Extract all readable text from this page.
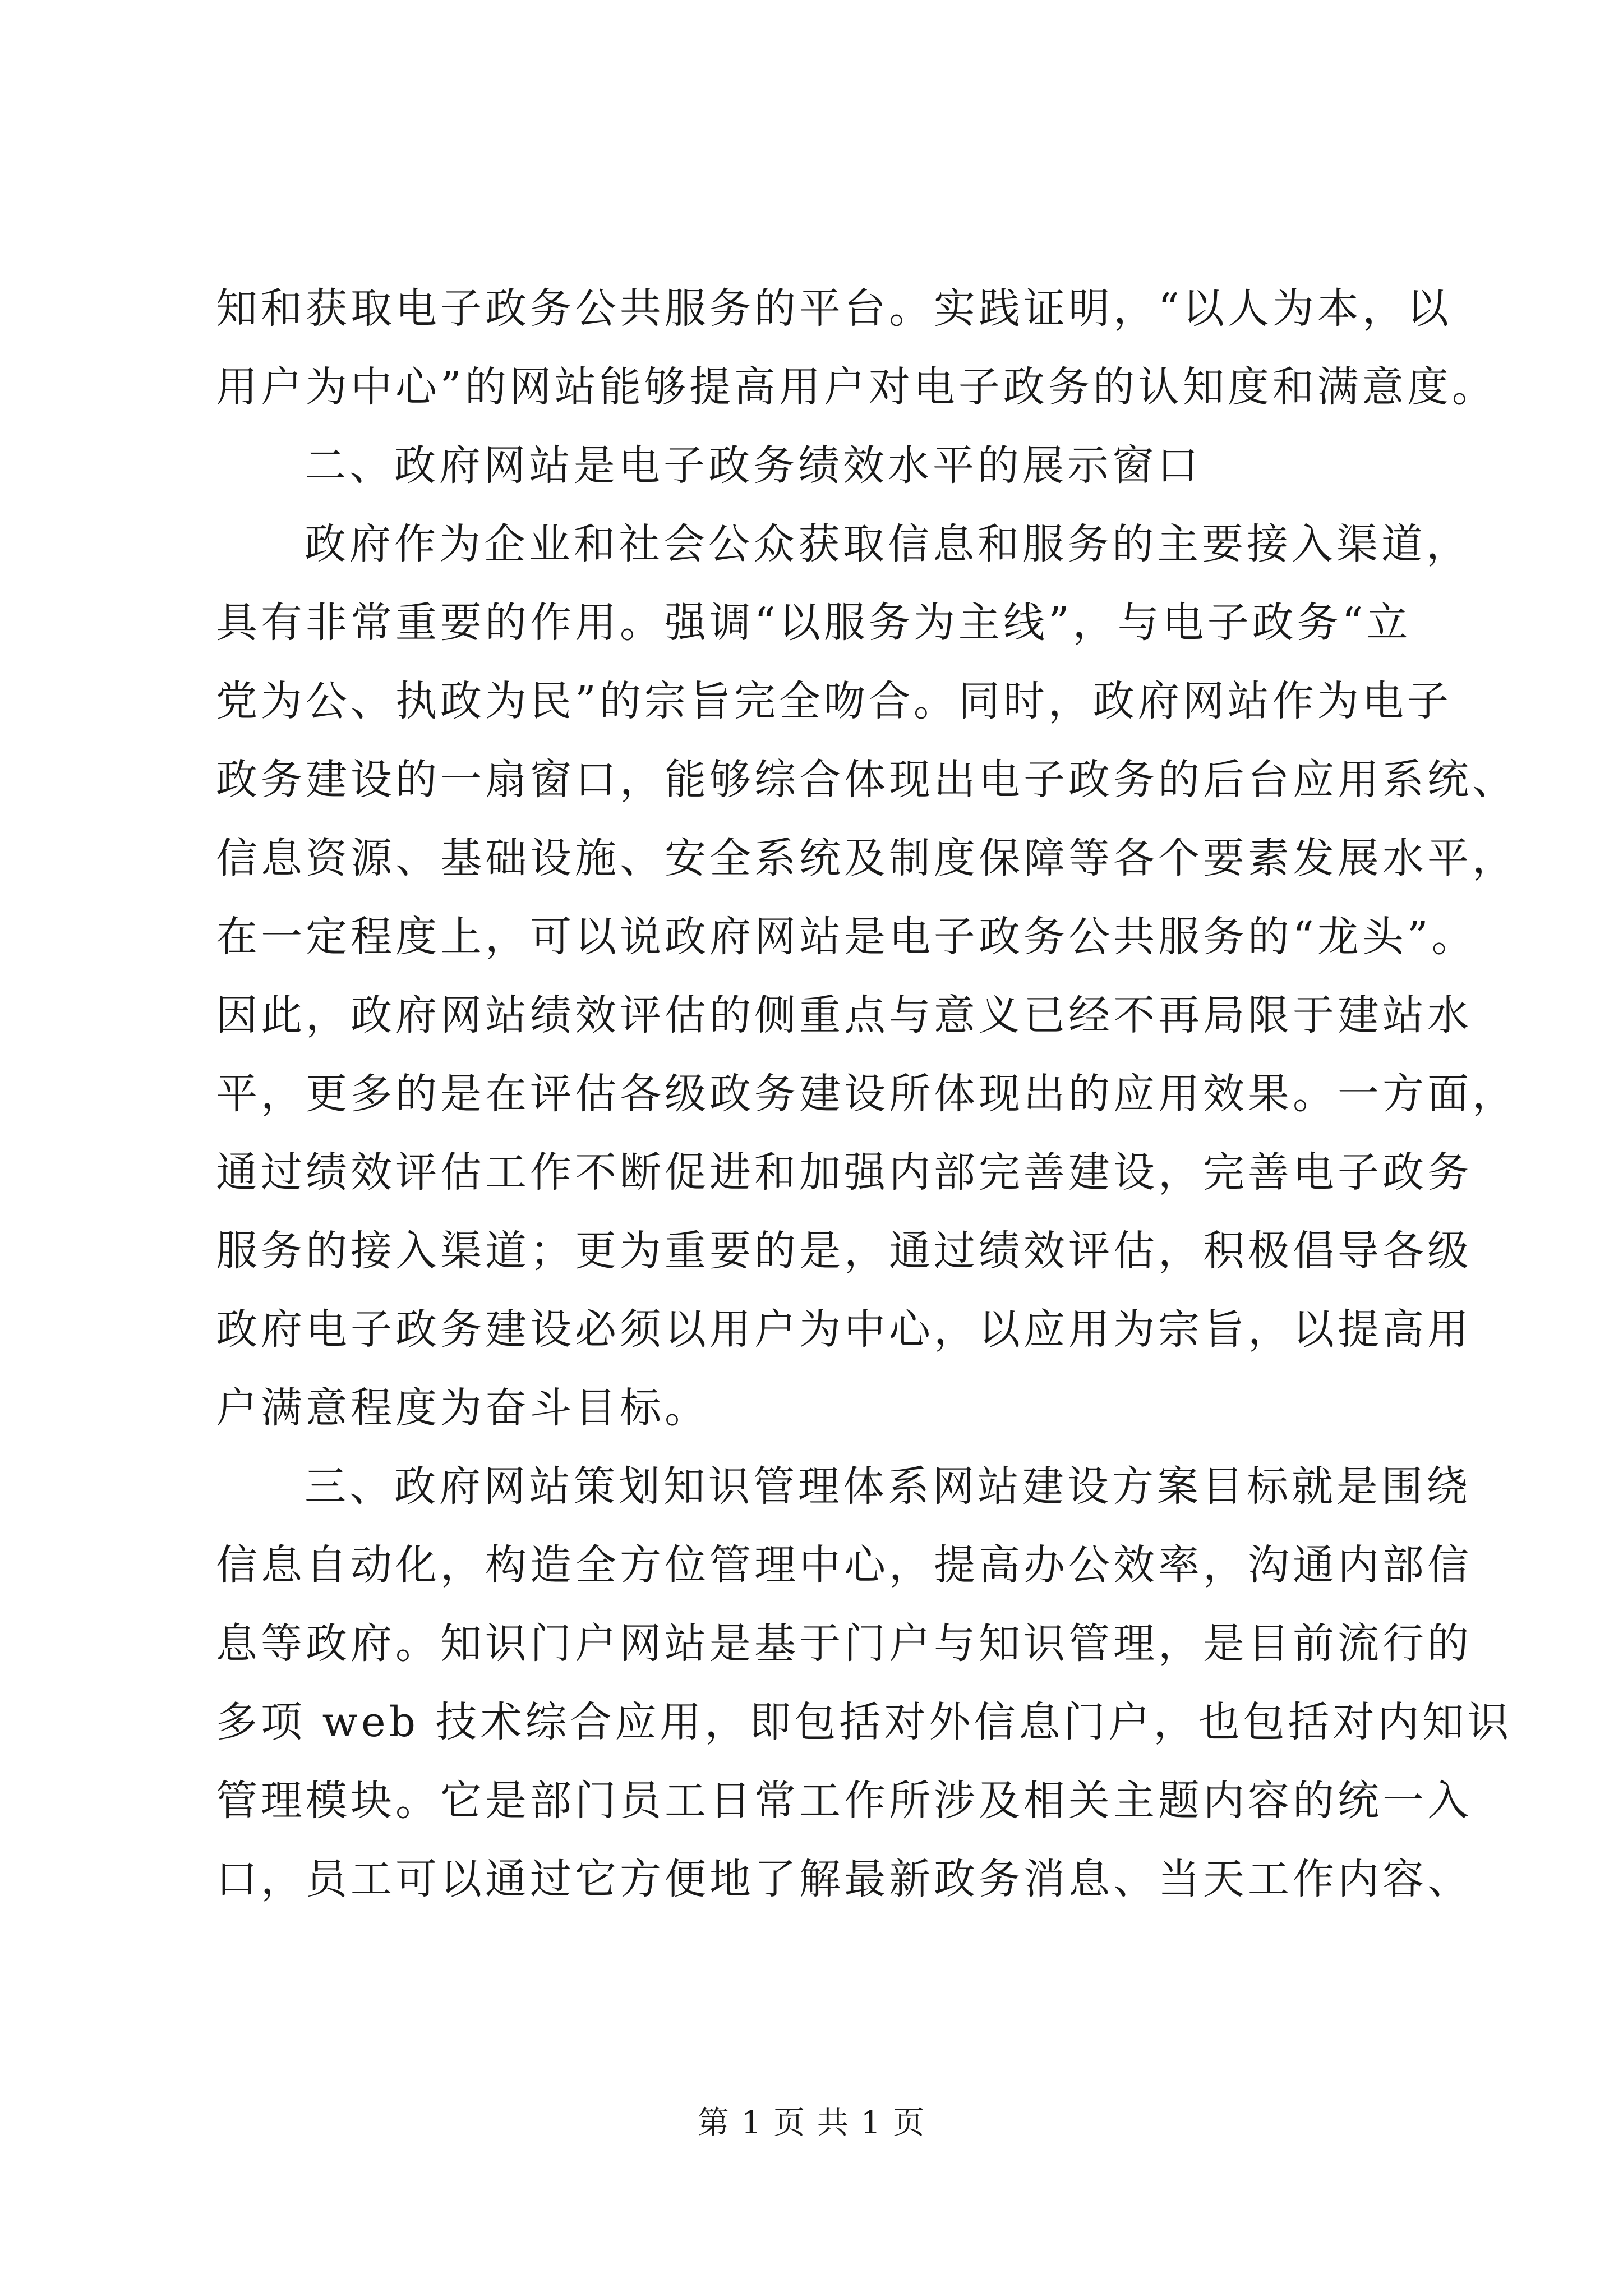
知和获取电子政务公共服务的平台。实践证明，“以人为本，以
用户为中心”的网站能够提高用户对电子政务的认知度和满意度。
二、政府网站是电子政务绩效水平的展示窗口
政府作为企业和社会公众获取信息和服务的主要接入渠道，
具有非常重要的作用。强调“以服务为主线”，与电子政务“立
党为公、执政为民”的宗旨完全吻合。同时，政府网站作为电子
政务建设的一扇窗口，能够综合体现出电子政务的后台应用系统、
信息资源、基础设施、安全系统及制度保障等各个要素发展水平，
在一定程度上，可以说政府网站是电子政务公共服务的“龙头”。
因此，政府网站绩效评估的侧重点与意义已经不再局限于建站水
平，更多的是在评估各级政务建设所体现出的应用效果。一方面，
通过绩效评估工作不断促进和加强内部完善建设，完善电子政务
服务的接入渠道；更为重要的是，通过绩效评估，积极倡导各级
政府电子政务建设必须以用户为中心，以应用为宗旨，以提高用
户满意程度为奋斗目标。
三、政府网站策划知识管理体系网站建设方案目标就是围绕
信息自动化，构造全方位管理中心，提高办公效率，沟通内部信
息等政府。知识门户网站是基于门户与知识管理，是目前流行的
多项 web 技术综合应用，即包括对外信息门户，也包括对内知识
管理模块。它是部门员工日常工作所涉及相关主题内容的统一入
口，员工可以通过它方便地了解最新政务消息、当天工作内容、
第 1 页 共 1 页
